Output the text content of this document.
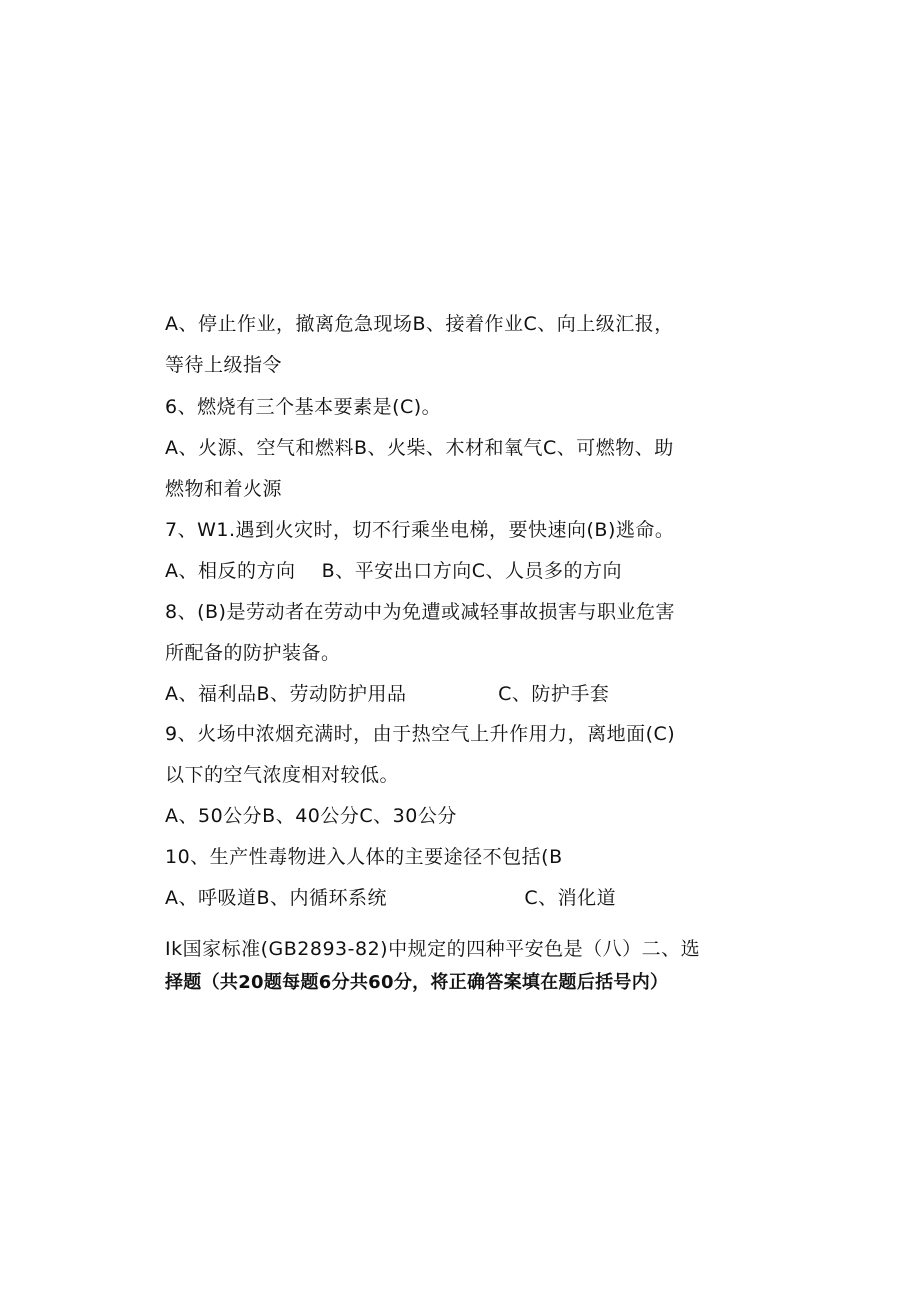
A、停止作业，撤离危急现场B、接着作业C、向上级汇报，
等待上级指令
6、燃烧有三个基本要素是(C)。
A、火源、空气和燃料B、火柴、木材和氧气C、可燃物、助
燃物和着火源
7、W1.遇到火灾时，切不行乘坐电梯，要快速向(B)逃命。
A、相反的方向    B、平安出口方向C、人员多的方向
8、(B)是劳动者在劳动中为免遭或减轻事故损害与职业危害
所配备的防护装备。
A、福利品B、劳动防护用品              C、防护手套
9、火场中浓烟充满时，由于热空气上升作用力，离地面(C)
以下的空气浓度相对较低。
A、50公分B、40公分C、30公分
10、生产性毒物进入人体的主要途径不包括(B
A、呼吸道B、内循环系统                     C、消化道
Ik国家标准(GB2893-82)中规定的四种平安色是（八）二、选
择题（共20题每题6分共60分，将正确答案填在题后括号内）
